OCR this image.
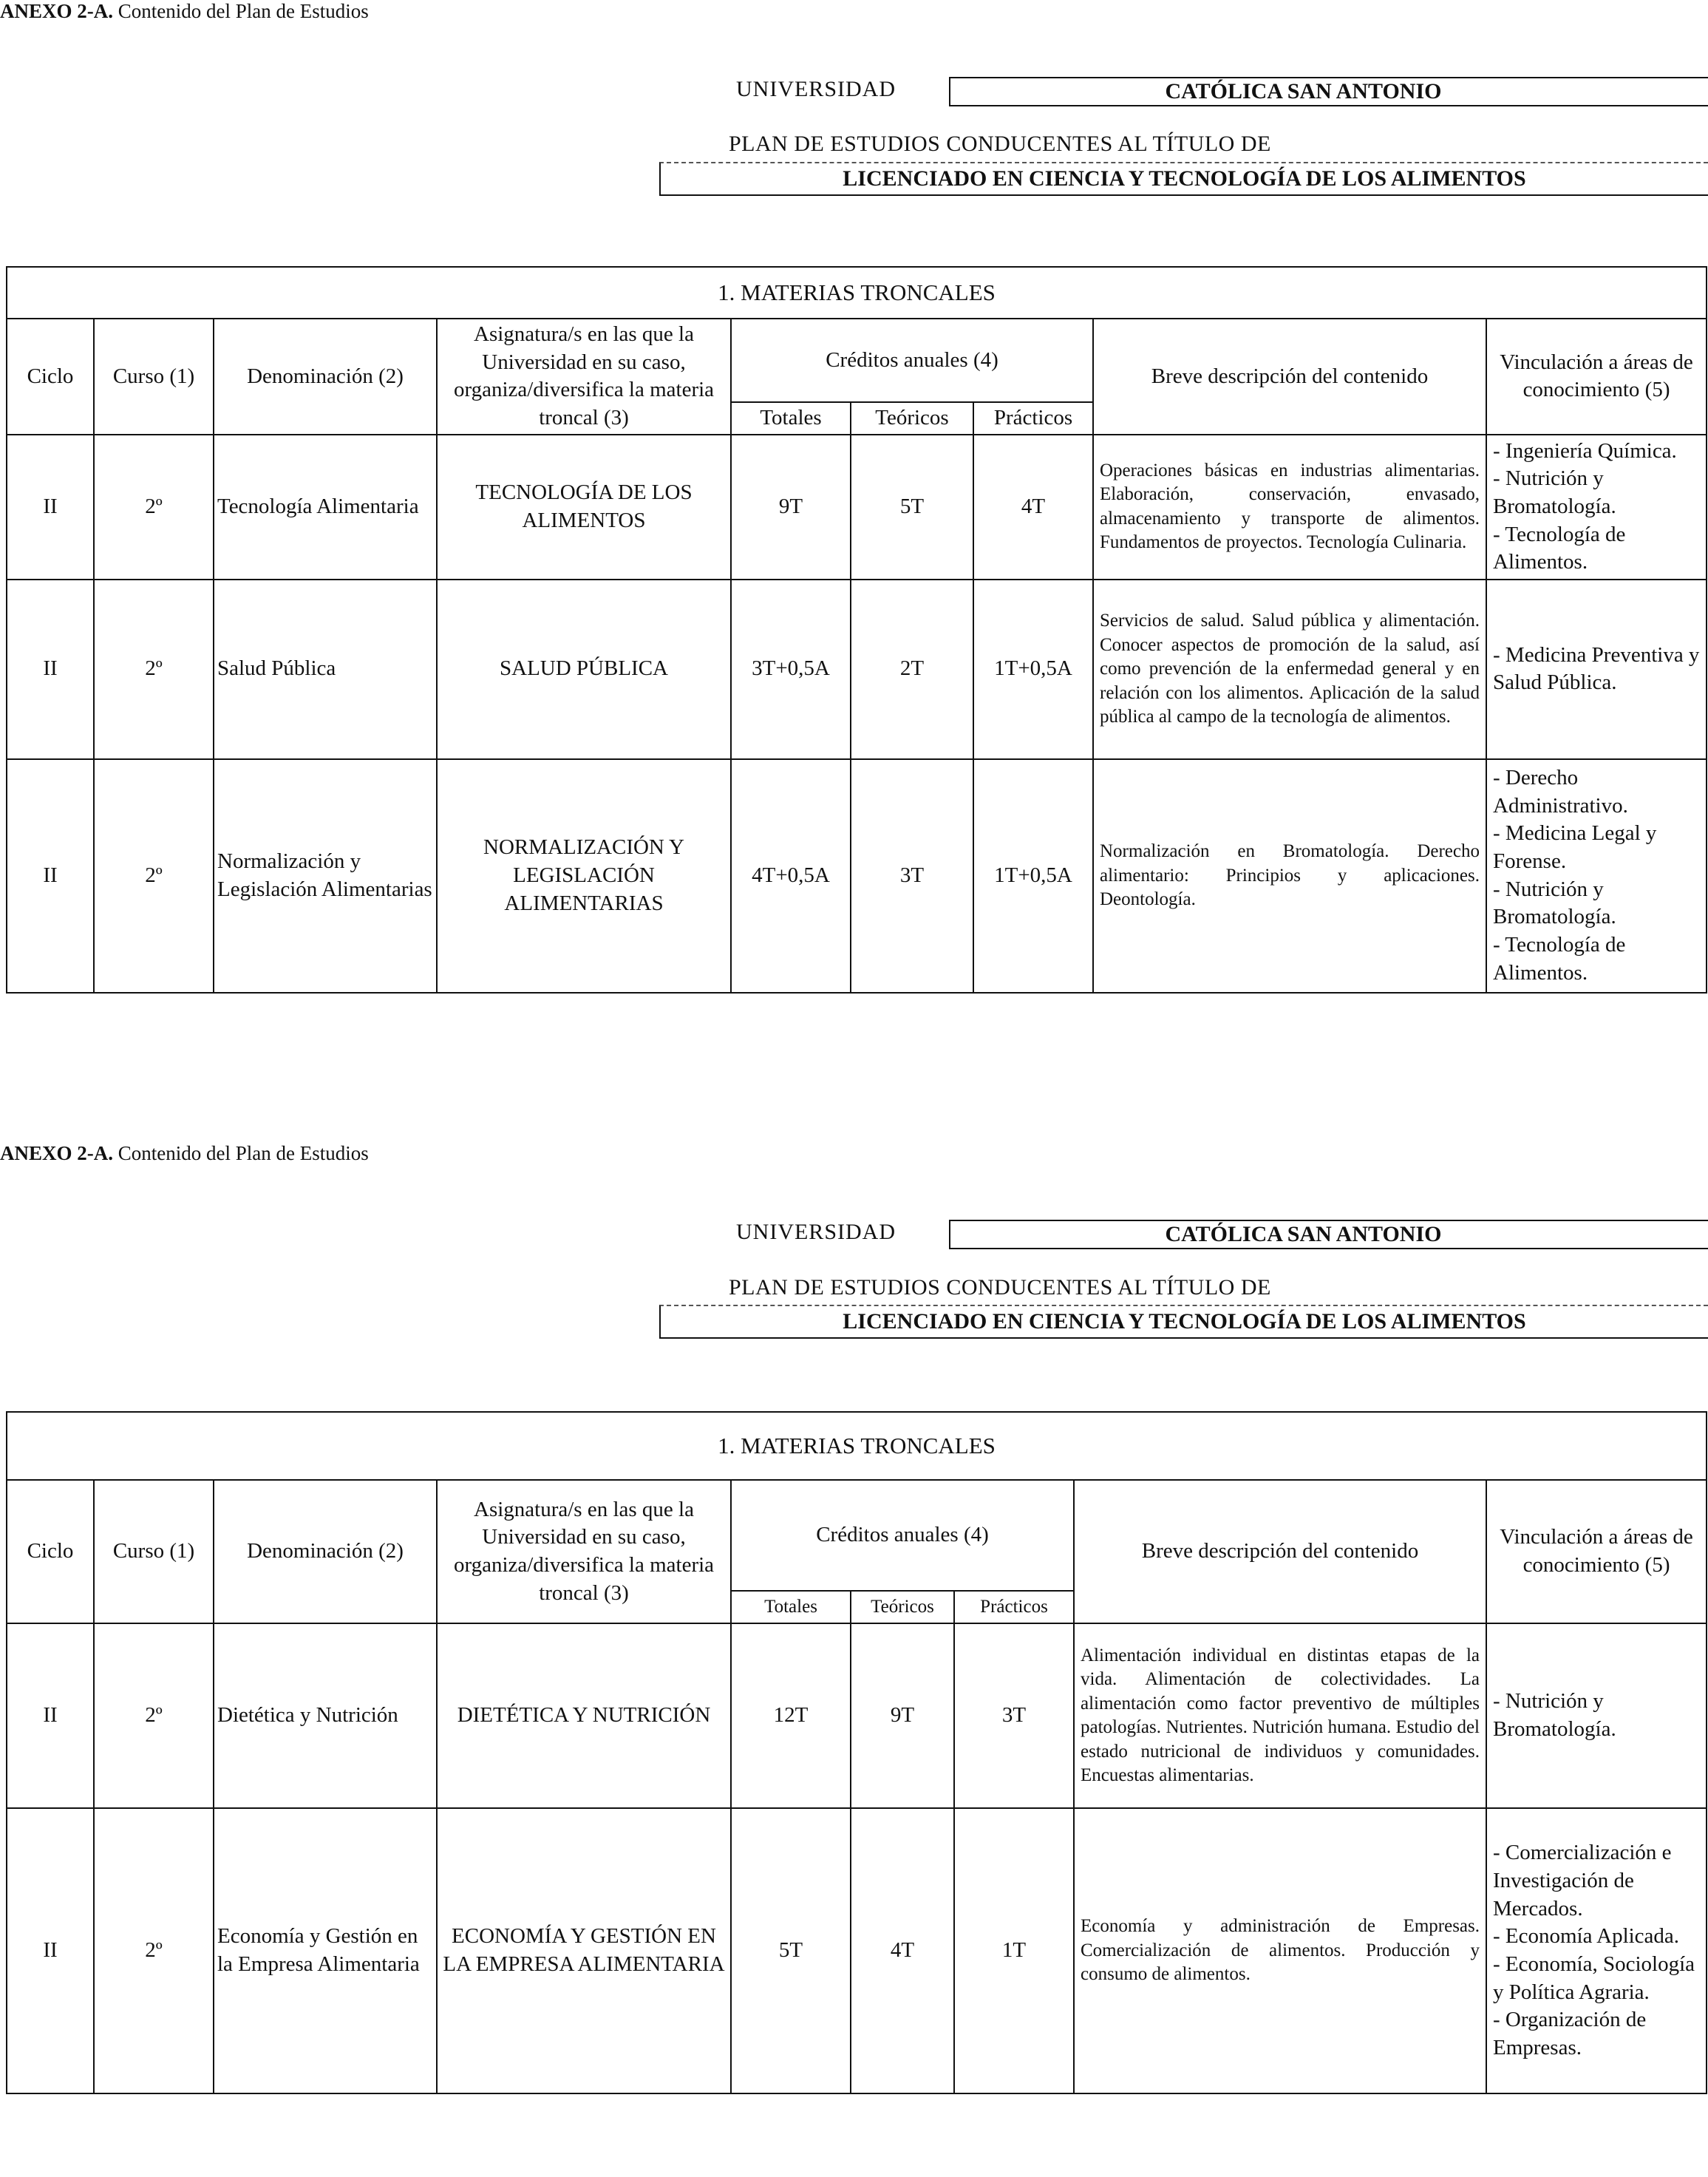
ANEXO 2-A. Contenido del Plan de Estudios
UNIVERSIDAD	CATÓLICA SAN ANTONIO
PLAN DE ESTUDIOS CONDUCENTES AL TÍTULO DE
LICENCIADO EN CIENCIA Y TECNOLOGÍA DE LOS ALIMENTOS
1. MATERIAS TRONCALES								
Ciclo	Curso (1)	Denominación (2)	Asignatura/s en las que la Universidad en su caso, organiza/diversifica la materia troncal (3)	Créditos anuales (4)			Breve descripción del contenido	Vinculación a áreas de conocimiento (5)
				Totales	Teóricos	Prácticos		
II	2º	Tecnología Alimentaria	TECNOLOGÍA DE LOS ALIMENTOS	9T	5T	4T	Operaciones básicas en industrias alimentarias. Elaboración, conservación, envasado, almacenamiento y transporte de alimentos. Fundamentos de proyectos. Tecnología Culinaria.	- Ingeniería Química.
- Nutrición y Bromatología.
- Tecnología de Alimentos.

II	2º	Salud Pública	SALUD PÚBLICA	3T+0,5A	2T	1T+0,5A	Servicios de salud. Salud pública y alimentación. Conocer aspectos de promoción de la salud, así como prevención de la enfermedad general y en relación con los alimentos. Aplicación de la salud pública al campo de la tecnología de alimentos.	- Medicina Preventiva y Salud Pública.

II	2º	Normalización y Legislación Alimentarias	NORMALIZACIÓN Y LEGISLACIÓN ALIMENTARIAS	4T+0,5A	3T	1T+0,5A	Normalización en Bromatología. Derecho alimentario: Principios y aplicaciones. Deontología.	- Derecho Administrativo.
- Medicina Legal y Forense.
- Nutrición y Bromatología.
- Tecnología de Alimentos.
ANEXO 2-A. Contenido del Plan de Estudios
UNIVERSIDAD	CATÓLICA SAN ANTONIO
PLAN DE ESTUDIOS CONDUCENTES AL TÍTULO DE
LICENCIADO EN CIENCIA Y TECNOLOGÍA DE LOS ALIMENTOS
1. MATERIAS TRONCALES								
Ciclo	Curso (1)	Denominación (2)	Asignatura/s en las que la Universidad en su caso, organiza/diversifica la materia troncal (3)	Créditos anuales (4)			Breve descripción del contenido	Vinculación a áreas de conocimiento (5)
				Totales	Teóricos	Prácticos		
II	2º	Dietética y Nutrición	DIETÉTICA Y NUTRICIÓN	12T	9T	3T	Alimentación individual en distintas etapas de la vida. Alimentación de colectividades. La alimentación como factor preventivo de múltiples patologías. Nutrientes. Nutrición humana. Estudio del estado nutricional de individuos y comunidades. Encuestas alimentarias.	- Nutrición y Bromatología.

II	2º	Economía y Gestión en la Empresa Alimentaria	ECONOMÍA Y GESTIÓN EN LA EMPRESA ALIMENTARIA	5T	4T	1T	Economía y administración de Empresas. Comercialización de alimentos. Producción y consumo de alimentos.	- Comercialización e Investigación de Mercados.
- Economía Aplicada.
- Economía, Sociología y Política Agraria.
- Organización de Empresas.
